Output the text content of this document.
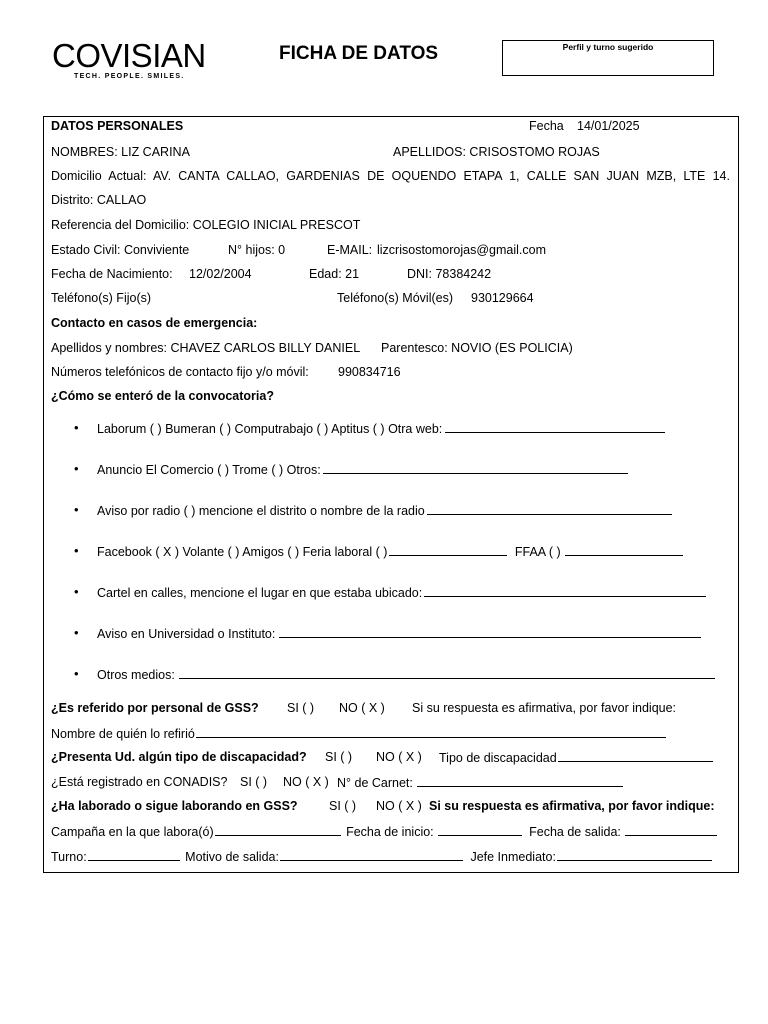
COVISIAN
TECH. PEOPLE. SMILES.
FICHA DE DATOS	Perfil y turno sugerido
DATOS PERSONALES	Fecha 14/01/2025
NOMBRES: LIZ CARINA	APELLIDOS: CRISOSTOMO ROJAS
Domicilio Actual: AV. CANTA CALLAO, GARDENIAS DE OQUENDO ETAPA 1, CALLE SAN JUAN MZB, LTE 14.
Distrito: CALLAO
Referencia del Domicilio: COLEGIO INICIAL PRESCOT
Estado Civil: Conviviente	N° hijos: 0	E-MAIL: lizcrisostomorojas@gmail.com
Fecha de Nacimiento: 12/02/2004	Edad: 21	DNI: 78384242
Teléfono(s) Fijo(s)	Teléfono(s) Móvil(es) 930129664
Contacto en casos de emergencia:
Apellidos y nombres: CHAVEZ CARLOS BILLY DANIEL Parentesco: NOVIO (ES POLICIA)
Números telefónicos de contacto fijo y/o móvil: 990834716
¿Cómo se enteró de la convocatoria?
• Laborum ( ) Bumeran ( ) Computrabajo ( ) Aptitus ( ) Otra web:
• Anuncio El Comercio ( ) Trome ( ) Otros:
• Aviso por radio ( ) mencione el distrito o nombre de la radio
• Facebook ( X ) Volante ( ) Amigos ( ) Feria laboral ( )	FFAA ( )
• Cartel en calles, mencione el lugar en que estaba ubicado:
• Aviso en Universidad o Instituto:
• Otros medios:
¿Es referido por personal de GSS? SI ( ) NO ( X ) Si su respuesta es afirmativa, por favor indique:
Nombre de quién lo refirió
¿Presenta Ud. algún tipo de discapacidad? SI ( ) NO ( X ) Tipo de discapacidad
¿Está registrado en CONADIS? SI ( ) NO ( X ) N° de Carnet:
¿Ha laborado o sigue laborando en GSS?	SI ( ) NO ( X ) Si su respuesta es afirmativa, por favor indique:
Campaña en la que labora(ó)	Fecha de inicio:	Fecha de salida:
Turno:	Motivo de salida:	Jefe Inmediato:
